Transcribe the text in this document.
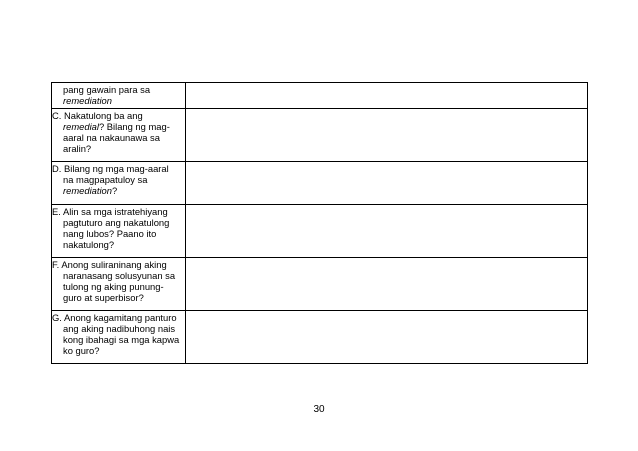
pang gawain para sa remediation	

C. Nakatulong ba ang remedial? Bilang ng mag-aaral na nakaunawa sa aralin?	

D. Bilang ng mga mag-aaral na magpapatuloy sa remediation?	

E. Alin sa mga istratehiyang pagtuturo ang nakatulong nang lubos? Paano ito nakatulong?	

F. Anong suliraninang aking naranasang solusyunan sa tulong ng aking punung-guro at superbisor?	

G. Anong kagamitang panturo ang aking nadibuhong nais kong ibahagi sa mga kapwa ko guro?	

30
